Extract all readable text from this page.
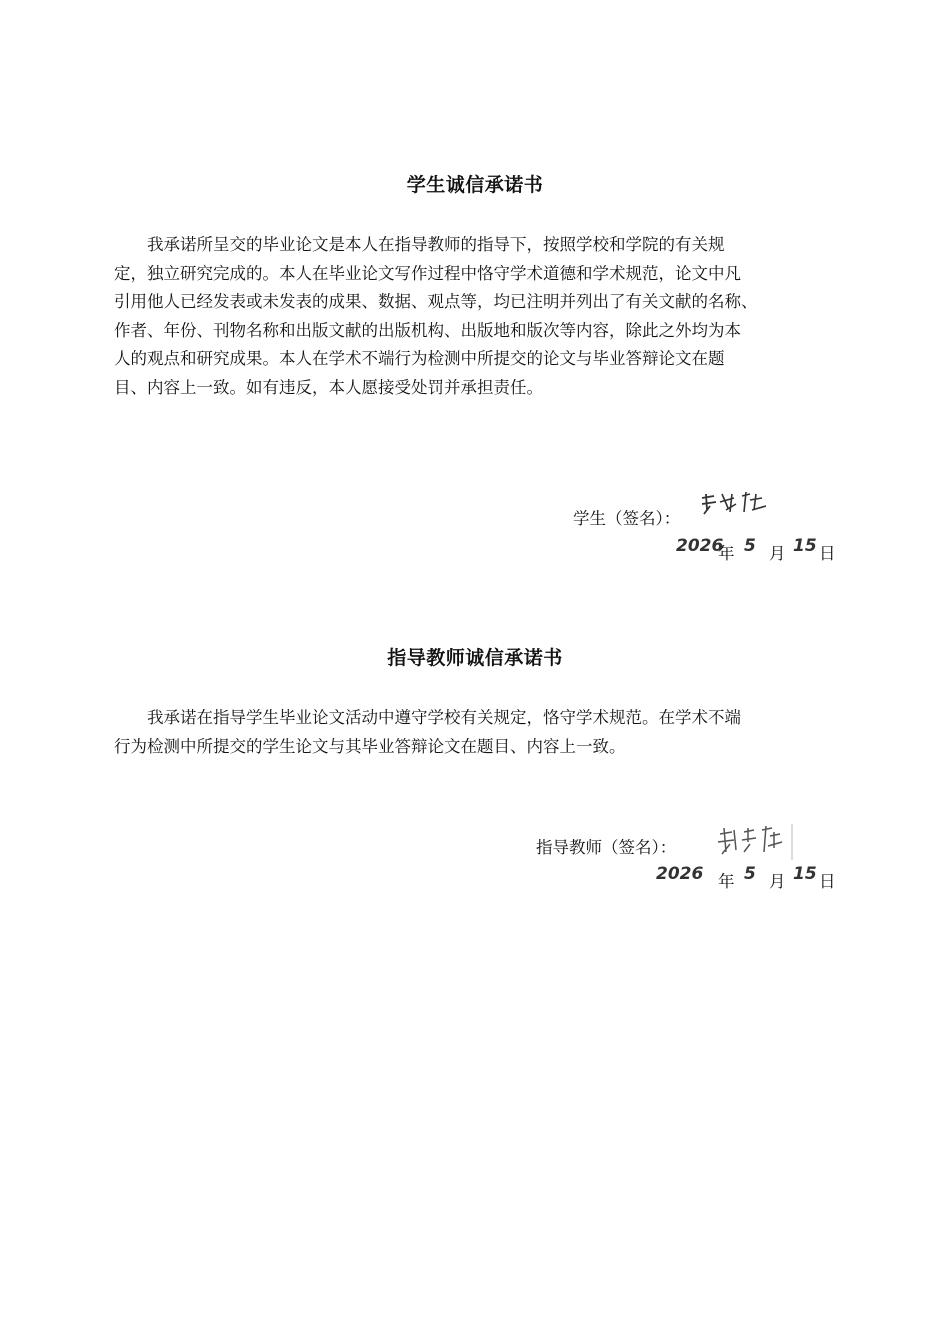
学生诚信承诺书
我承诺所呈交的毕业论文是本人在指导教师的指导下，按照学校和学院的有关规
定，独立研究完成的。本人在毕业论文写作过程中恪守学术道德和学术规范，论文中凡
引用他人已经发表或未发表的成果、数据、观点等，均已注明并列出了有关文献的名称、
作者、年份、刊物名称和出版文献的出版机构、出版地和版次等内容，除此之外均为本
人的观点和研究成果。本人在学术不端行为检测中所提交的论文与毕业答辩论文在题
目、内容上一致。如有违反，本人愿接受处罚并承担责任。
学生（签名）：
2026
年 5 月 15 日
指导教师诚信承诺书
我承诺在指导学生毕业论文活动中遵守学校有关规定，恪守学术规范。在学术不端
行为检测中所提交的学生论文与其毕业答辩论文在题目、内容上一致。
指导教师（签名）：
2026 年 5 月 15 日
